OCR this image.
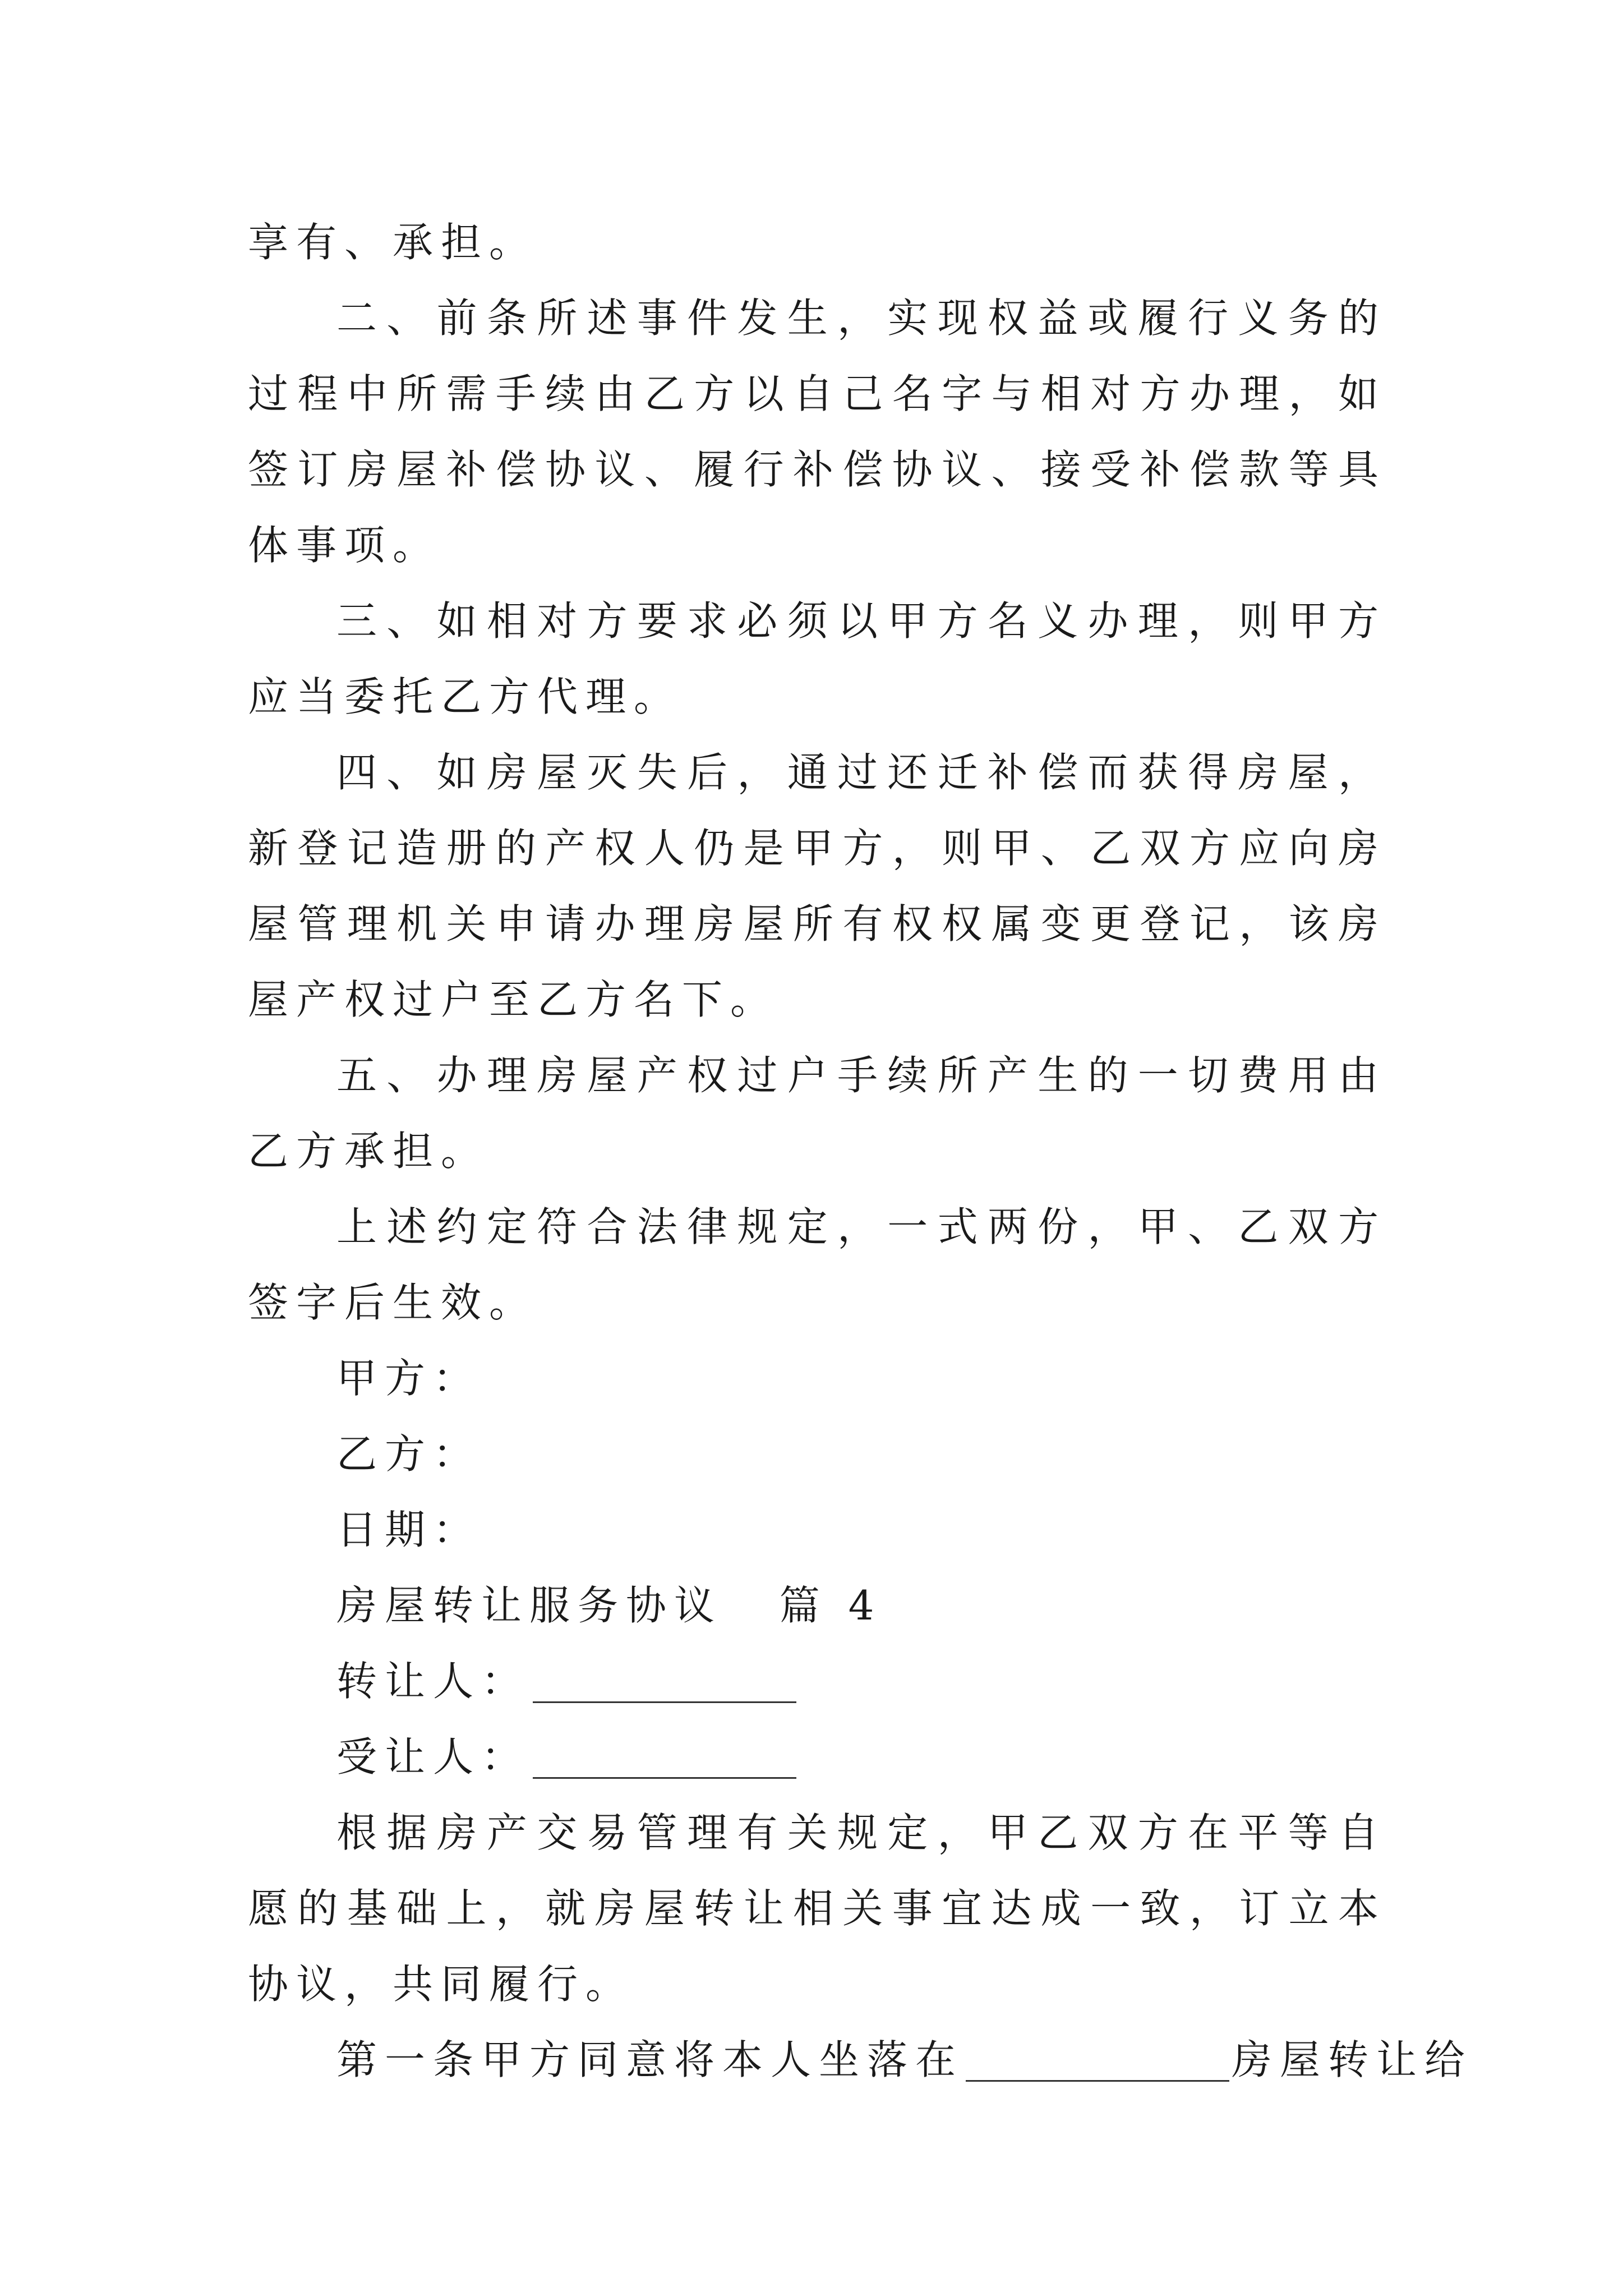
享有、承担。

二、前条所述事件发生，实现权益或履行义务的过程中所需手续由乙方以自己名字与相对方办理，如签订房屋补偿协议、履行补偿协议、接受补偿款等具体事项。

三、如相对方要求必须以甲方名义办理，则甲方应当委托乙方代理。

四、如房屋灭失后，通过还迁补偿而获得房屋，新登记造册的产权人仍是甲方，则甲、乙双方应向房屋管理机关申请办理房屋所有权权属变更登记，该房屋产权过户至乙方名下。

五、办理房屋产权过户手续所产生的一切费用由乙方承担。

上述约定符合法律规定，一式两份，甲、乙双方签字后生效。

甲方：

乙方：

日期：

房屋转让服务协议 篇 4

转让人：

受让人：

根据房产交易管理有关规定，甲乙双方在平等自愿的基础上，就房屋转让相关事宜达成一致，订立本协议，共同履行。

第一条甲方同意将本人坐落在	房屋转让给
